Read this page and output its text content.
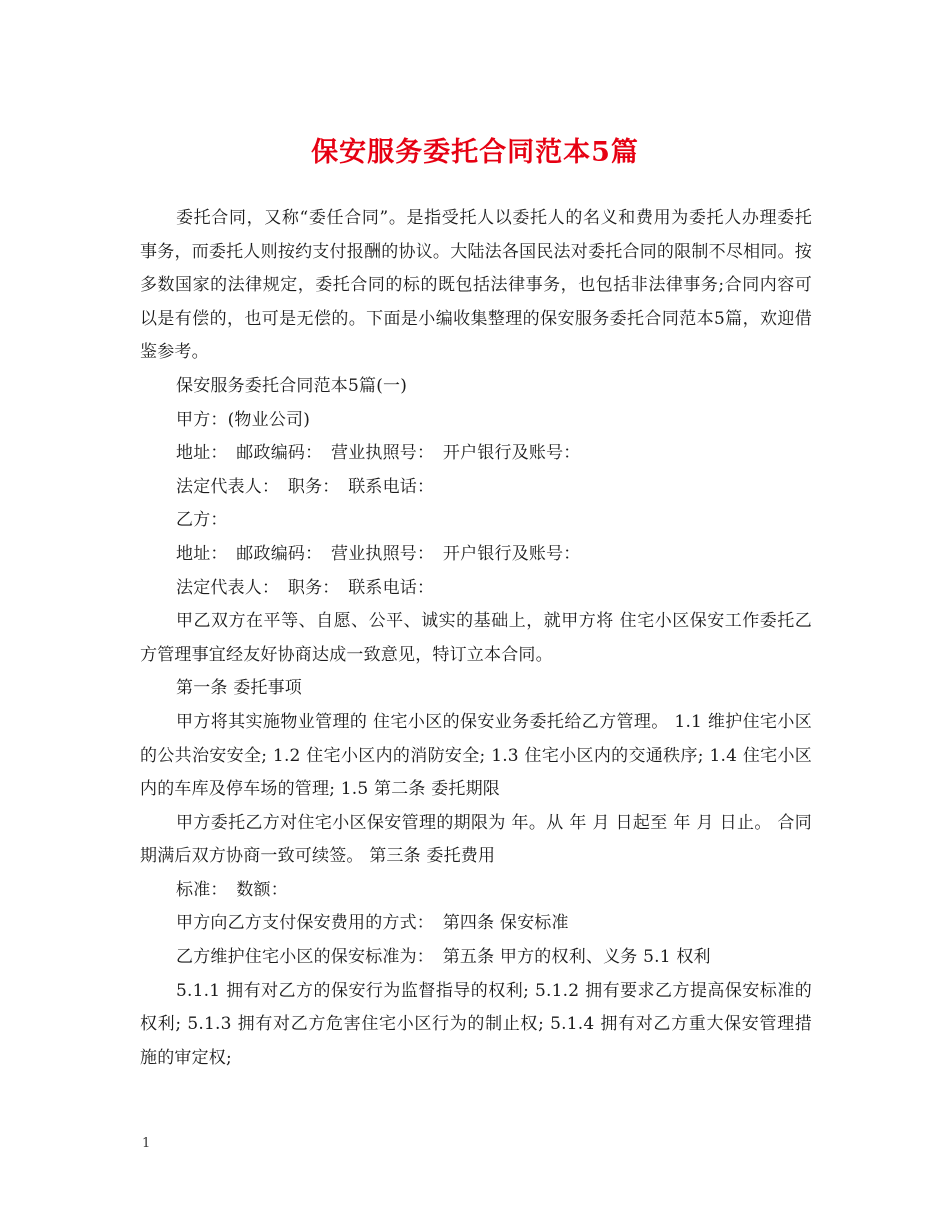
保安服务委托合同范本5篇

委托合同，又称“委任合同”。是指受托人以委托人的名义和费用为委托人办理委托事务，而委托人则按约支付报酬的协议。大陆法各国民法对委托合同的限制不尽相同。按多数国家的法律规定，委托合同的标的既包括法律事务，也包括非法律事务;合同内容可以是有偿的，也可是无偿的。下面是小编收集整理的保安服务委托合同范本5篇，欢迎借鉴参考。

保安服务委托合同范本5篇(一)

甲方：(物业公司)

地址：　邮政编码：　营业执照号：　开户银行及账号：

法定代表人：　职务：　联系电话：

乙方：

地址：　邮政编码：　营业执照号：　开户银行及账号：

法定代表人：　职务：　联系电话：

甲乙双方在平等、自愿、公平、诚实的基础上，就甲方将 住宅小区保安工作委托乙方管理事宜经友好协商达成一致意见，特订立本合同。

第一条 委托事项

甲方将其实施物业管理的 住宅小区的保安业务委托给乙方管理。 1.1 维护住宅小区的公共治安安全; 1.2 住宅小区内的消防安全; 1.3 住宅小区内的交通秩序; 1.4 住宅小区内的车库及停车场的管理; 1.5 第二条 委托期限

甲方委托乙方对住宅小区保安管理的期限为 年。从 年 月 日起至 年 月 日止。 合同期满后双方协商一致可续签。 第三条 委托费用

标准：　数额：

甲方向乙方支付保安费用的方式：　第四条 保安标准

乙方维护住宅小区的保安标准为：　第五条 甲方的权利、义务 5.1 权利

5.1.1 拥有对乙方的保安行为监督指导的权利; 5.1.2 拥有要求乙方提高保安标准的权利; 5.1.3 拥有对乙方危害住宅小区行为的制止权; 5.1.4 拥有对乙方重大保安管理措施的审定权;

1
